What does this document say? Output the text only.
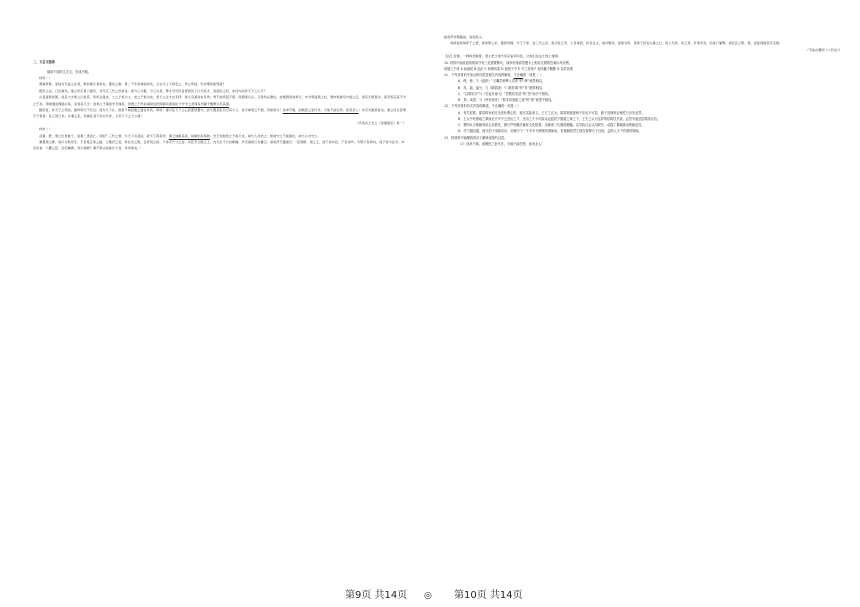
二、文言文阅读

阅读下面的文言文，完成小题。

材料一：

两端争胜，而徒为无益之论者，辨封建①者是也。郡县之制，垂二千年而弗能改矣，合古今上下皆安之，势之所趋，岂非理而能然哉？

郡县之法，已在秦先。秦之所灭者六国耳，非尽灭三代之所封也。则分之为郡，分之为县，俾才可长民者皆居民上以尽其才，而治民之纪，亦何为而非天下之公乎？

古者诸侯世国，而后大夫缘之以世官，势所必滥也。士之子恒为士，农之子恒为农，而天之生才也无择，则士有顽而农有秀；秀不能终屈于顽，而相乘以兴，又势所必激也。封建毁而选举行，守令席诸侯之权，刺史牧督司方伯之任，虽有元德显功，而无所庇其不令之子孙，势相激而理随以易，意者其天乎！选举之不慎而守令残民，世德之不终而诸侯乱纪两俱有害而民于守令之贪残有所藉于黜陟以苏其困。

郡县者，非天子之利也，国祚所以不长也；而为天下计，则害不如封建之滥也多矣。呜呼！秦以私天下之心而罢侯置守，而天假其私以行其大公，存乎神者之不测，有如是夫！选举不慎，而贼民之吏代作，天地不能任势，而况圣人！未可为郡县咎也。秦之所以获罪于万世者，私己而已矣。斥秦之私，而欲私其子孙以长存，又岂天下之大公哉！

（节选自王夫之《读通鉴论》卷一）

材料二：

昔夏、殷、周之历世数十，而秦二世而亡。何则？三代之君，与天下共其民，故天下同其忧；秦王独制其民，故倾危而莫救。先王知独治之不能久也，故与人共治之；知独守之不能固也，故与人共守之。

秦观周之弊，将以为弱见夺，于是废五等之爵，立郡县之官，弃礼乐之教，任苛刻之政。子弟无尺寸之封，功臣无立锥之土。内无宗子以自毗辅，外无诸侯以为蕃卫。是时淳于越谏曰：“臣闻殷、周之王，封子弟功臣，千有余岁。今陛下有海内，而子弟为匹夫。卒有田常、六卿之臣，而无辅弼，何以相救？事不师古而能长久者，非所闻也。”

始皇听李斯偏说，而绌其义。

向使始皇纳淳于之策，抑李斯之论，割裂州国，分王子弟，封三代之后，报功臣之劳。士有常君，民有定主，枝叶相扶，首尾为用，虽使子孙有失道之行，时人无汤、武之贤，奸谋未发，而身已屠戮。何区区之陈、项，而复得措其手足哉！

（节选自曹冏《六代论》）

【注】封建，一种政治制度，君主把土地分给宗室和功臣，让他们在这土地上建国。

10. 材料中画波浪线的部分有三处需要断句，请用铅笔将答题卡上相应位置的答案标号涂黑。

世德之不终 A 而诸侯 B 乱纪 C 两俱有害 D 而民于守 E 令之贪残 F 有所藉于黜陟 G 以苏其困

11．下列对材料中加点的词语及相关内容的解说，不正确的一项是（ ）

A．俾，使，与《促织》“又嘱学使俾入邑庠”的“俾”意思相同。

B．祚，福，福分，与《陈情表》“门衰祚薄”的“祚”意思相同。

C．“以弱见夺”与《孔雀东南飞》“君既若见录”的“见”用法不相同。

D．抑，或者，与《伶官传序》“抑本其成败之迹”的“抑”意思不相同。

12．下列对材料有关内容的概述，不正确的一项是（ ）

A．有关封建、郡县的争论完全是杜费心机，毫无实际意义。王夫之认为，郡县制延续两千年也不可逆，源于其深刻合理性与历史必然。

B．士人中有愚顽之辈而农夫中不乏杰出之才，杰出之才不可能永远屈居于愚顽之辈之下，王夫之认为这样的结构性矛盾，必然引起底层精英反抗。

C．曹冏认为秦朝弃用礼乐教化，推行严刑峻法破坏文化根基，未继承三代制度精髓。这导致社会认同缺失，动摇了秦朝统治的稳定性。

D．淳于越以殷、周分封子弟和功臣，治理天下一千多年为例规劝秦始皇，若秦朝的君王独自管理天下百姓，会陷入天下有难的境地。

13．把材料中画横线的句子翻译成现代汉语。

（1）选举不慎，而贼民之吏代作，天地不能任势，而况圣人！

第9页 共14页 ◎ 第10页 共14页
